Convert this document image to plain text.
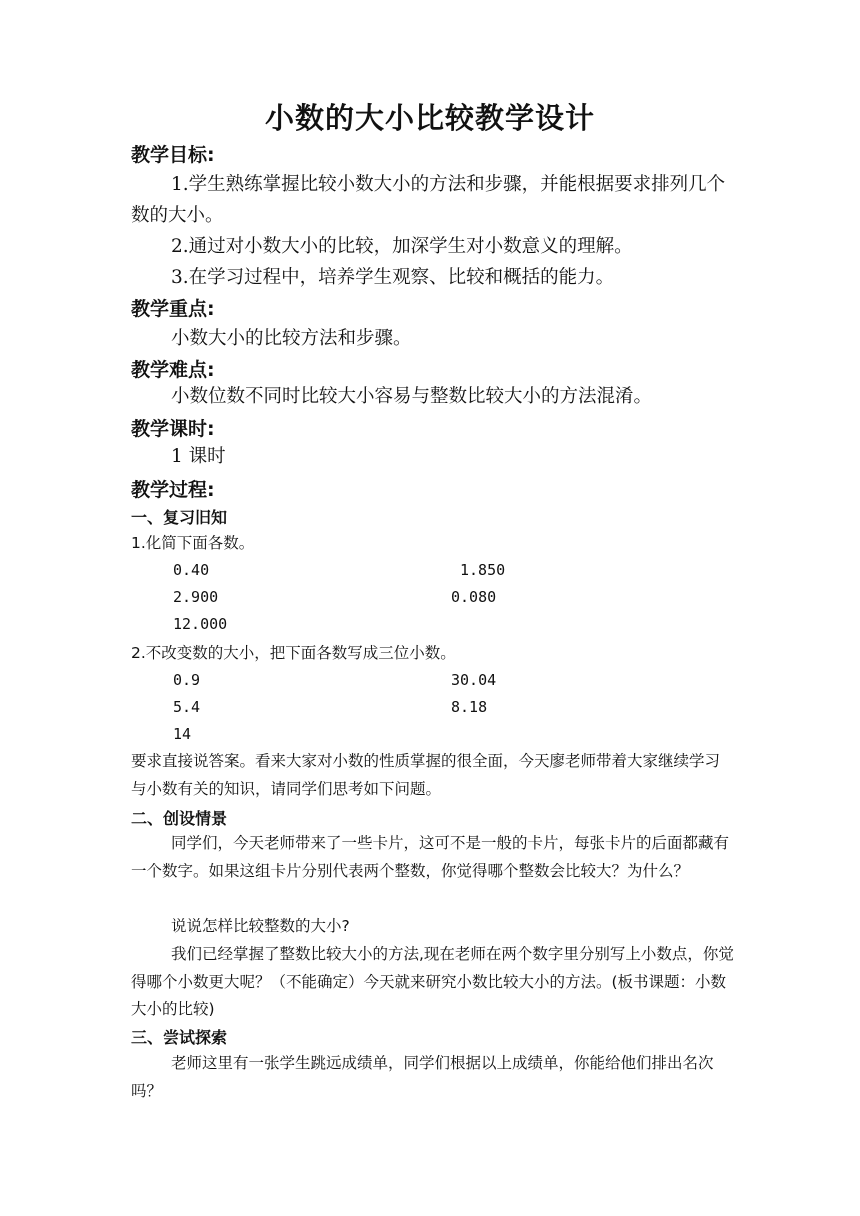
小数的大小比较教学设计
教学目标:
1.学生熟练掌握比较小数大小的方法和步骤，并能根据要求排列几个数的大小。
2.通过对小数大小的比较，加深学生对小数意义的理解。
3.在学习过程中，培养学生观察、比较和概括的能力。
教学重点:
小数大小的比较方法和步骤。
教学难点:
小数位数不同时比较大小容易与整数比较大小的方法混淆。
教学课时:
1 课时
教学过程:
一、复习旧知
1.化简下面各数。
0.40	1.850
2.900	0.080
12.000
2.不改变数的大小，把下面各数写成三位小数。
0.9	30.04
5.4	8.18
14
要求直接说答案。看来大家对小数的性质掌握的很全面，今天廖老师带着大家继续学习与小数有关的知识，请同学们思考如下问题。
二、创设情景
同学们，今天老师带来了一些卡片，这可不是一般的卡片，每张卡片的后面都藏有一个数字。如果这组卡片分别代表两个整数，你觉得哪个整数会比较大？为什么？
说说怎样比较整数的大小?
我们已经掌握了整数比较大小的方法,现在老师在两个数字里分别写上小数点，你觉得哪个小数更大呢？（不能确定）今天就来研究小数比较大小的方法。(板书课题：小数大小的比较)
三、尝试探索
老师这里有一张学生跳远成绩单，同学们根据以上成绩单，你能给他们排出名次吗？
